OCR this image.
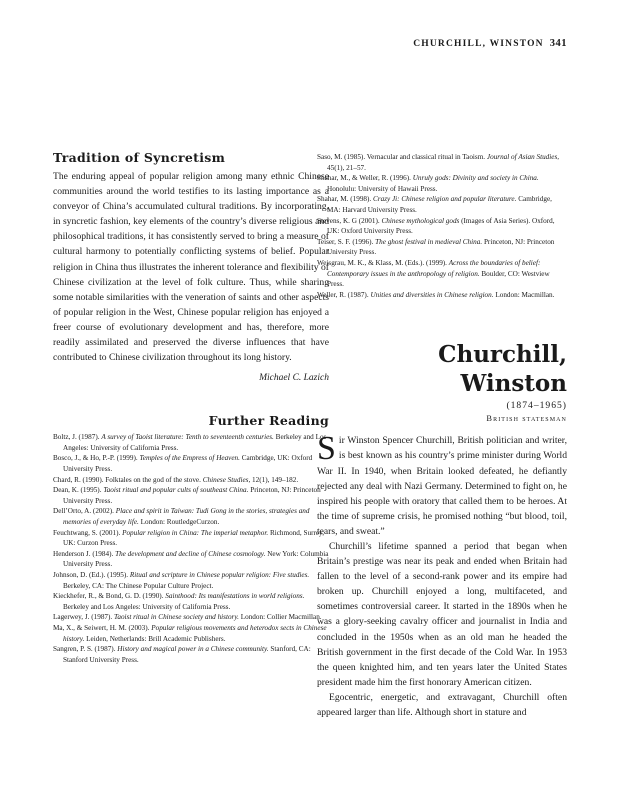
CHURCHILL, WINSTON 341
Tradition of Syncretism

The enduring appeal of popular religion among many ethnic Chinese communities around the world testifies to its lasting importance as a conveyor of China’s accumulated cultural traditions. By incorporating, in syncretic fashion, key elements of the country’s diverse religious and philosophical traditions, it has consistently served to bring a measure of cultural harmony to potentially conflicting systems of belief. Popular religion in China thus illustrates the inherent tolerance and flexibility of Chinese civilization at the level of folk culture. Thus, while sharing some notable similarities with the veneration of saints and other aspects of popular religion in the West, Chinese popular religion has enjoyed a freer course of evolutionary development and has, therefore, more readily assimilated and preserved the diverse influences that have contributed to Chinese civilization throughout its long history.

Michael C. Lazich

Further Reading
Boltz, J. (1987). A survey of Taoist literature: Tenth to seventeenth centuries. Berkeley and Los Angeles: University of California Press.
Bosco, J., & Ho, P.-P. (1999). Temples of the Empress of Heaven. Cambridge, UK: Oxford University Press.
Chard, R. (1990). Folktales on the god of the stove. Chinese Studies, 12(1), 149–182.
Dean, K. (1995). Taoist ritual and popular cults of southeast China. Princeton, NJ: Princeton University Press.
Dell’Orto, A. (2002). Place and spirit in Taiwan: Tudi Gong in the stories, strategies and memories of everyday life. London: RoutledgeCurzon.
Feuchtwang, S. (2001). Popular religion in China: The imperial metaphor. Richmond, Surrey, UK: Curzon Press.
Henderson J. (1984). The development and decline of Chinese cosmology. New York: Columbia University Press.
Johnson, D. (Ed.). (1995). Ritual and scripture in Chinese popular religion: Five studies. Berkeley, CA: The Chinese Popular Culture Project.
Kieckhefer, R., & Bond, G. D. (1990). Sainthood: Its manifestations in world religions. Berkeley and Los Angeles: University of California Press.
Lagerwey, J. (1987). Taoist ritual in Chinese society and history. London: Collier Macmillan.
Ma, X., & Seiwert, H. M. (2003). Popular religious movements and heterodox sects in Chinese history. Leiden, Netherlands: Brill Academic Publishers.
Sangren, P. S. (1987). History and magical power in a Chinese community. Stanford, CA: Stanford University Press.
Saso, M. (1985). Vernacular and classical ritual in Taoism. Journal of Asian Studies, 45(1), 21–57.
Shahar, M., & Weller, R. (1996). Unruly gods: Divinity and society in China. Honolulu: University of Hawaii Press.
Shahar, M. (1998). Crazy Ji: Chinese religion and popular literature. Cambridge, MA: Harvard University Press.
Stevens, K. G (2001). Chinese mythological gods (Images of Asia Series). Oxford, UK: Oxford University Press.
Teiser, S. F. (1996). The ghost festival in medieval China. Princeton, NJ: Princeton University Press.
Weisgrau, M. K., & Klass, M. (Eds.). (1999). Across the boundaries of belief: Contemporary issues in the anthropology of religion. Boulder, CO: Westview Press.
Weller, R. (1987). Unities and diversities in Chinese religion. London: Macmillan.
Churchill,
Winston

(1874–1965)

British statesman

Sir Winston Spencer Churchill, British politician and writer, is best known as his country’s prime minister during World War II. In 1940, when Britain looked defeated, he defiantly rejected any deal with Nazi Germany. Determined to fight on, he inspired his people with oratory that called them to be heroes. At the time of supreme crisis, he promised nothing “but blood, toil, tears, and sweat.”

Churchill’s lifetime spanned a period that began when Britain’s prestige was near its peak and ended when Britain had fallen to the level of a second-rank power and its empire had broken up. Churchill enjoyed a long, multifaceted, and sometimes controversial career. It started in the 1890s when he was a glory-seeking cavalry officer and journalist in India and concluded in the 1950s when as an old man he headed the British government in the first decade of the Cold War. In 1953 the queen knighted him, and ten years later the United States president made him the first honorary American citizen.

Egocentric, energetic, and extravagant, Churchill often appeared larger than life. Although short in stature and
